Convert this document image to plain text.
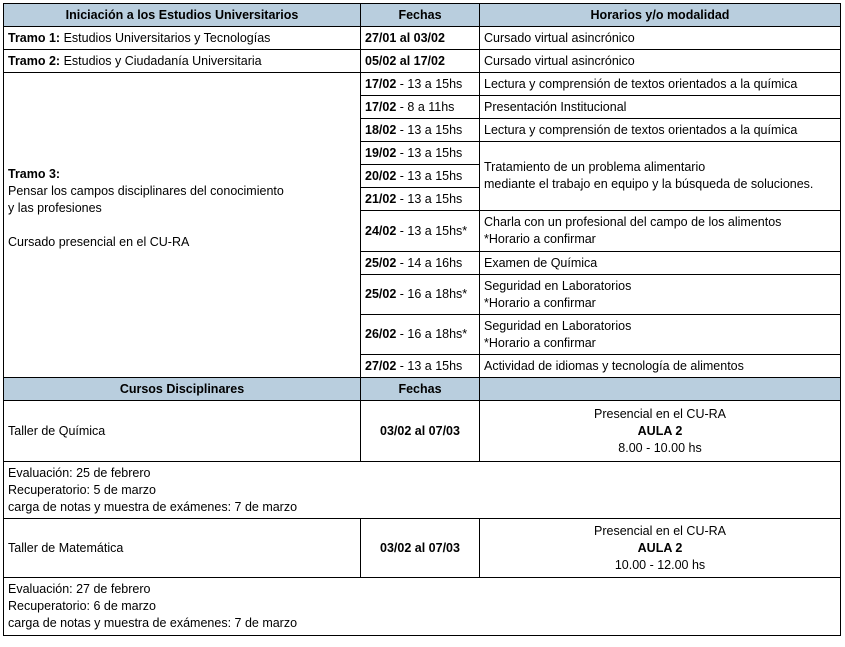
Iniciación a los Estudios Universitarios	Fechas	Horarios y/o modalidad
Tramo 1: Estudios Universitarios y Tecnologías	27/01 al 03/02	Cursado virtual asincrónico
Tramo 2: Estudios y Ciudadanía Universitaria	05/02 al 17/02	Cursado virtual asincrónico
Tramo 3:
Pensar los campos disciplinares del conocimiento
y las profesiones

Cursado presencial en el CU-RA	17/02 - 13 a 15hs	Lectura y comprensión de textos orientados a la química
	17/02 - 8 a 11hs	Presentación Institucional
	18/02 - 13 a 15hs	Lectura y comprensión de textos orientados a la química
	19/02 - 13 a 15hs	Tratamiento de un problema alimentario
mediante el trabajo en equipo y la búsqueda de soluciones.
	20/02 - 13 a 15hs	
	21/02 - 13 a 15hs	
	24/02 - 13 a 15hs*	Charla con un profesional del campo de los alimentos
*Horario a confirmar
	25/02 - 14 a 16hs	Examen de Química
	25/02 - 16 a 18hs*	Seguridad en Laboratorios
*Horario a confirmar
	26/02 - 16 a 18hs*	Seguridad en Laboratorios
*Horario a confirmar
	27/02 - 13 a 15hs	Actividad de idiomas y tecnología de alimentos
Cursos Disciplinares	Fechas	
Taller de Química	03/02 al 07/03	Presencial en el CU-RA
AULA 2
8.00 - 10.00 hs
Evaluación: 25 de febrero
Recuperatorio: 5 de marzo
carga de notas y muestra de exámenes: 7 de marzo		
Taller de Matemática	03/02 al 07/03	Presencial en el CU-RA
AULA 2
10.00 - 12.00 hs
Evaluación: 27 de febrero
Recuperatorio: 6 de marzo
carga de notas y muestra de exámenes: 7 de marzo		
